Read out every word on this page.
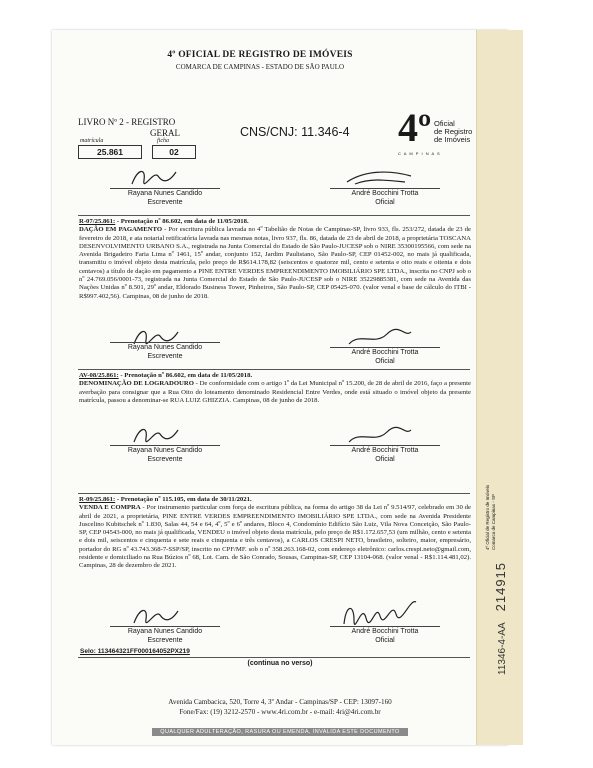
4º Oficial de Registro de Imóveis Comarca de Campinas - SP
11346-4-AA  214915
4º OFICIAL DE REGISTRO DE IMÓVEIS
COMARCA DE CAMPINAS - ESTADO DE SÃO PAULO
LIVRO Nº 2 - REGISTRO
GERAL
matrícula
25.861
ficha
02
CNS/CNJ: 11.346-4 4º Oficial
de Registro
de Imóveis
C A M P I N A S
Rayana Nunes Candido
Escrevente
André Bocchini Trotta
Oficial
R-07/25.861: - Prenotação nº 86.602, em data de 11/05/2018.
DAÇÃO EM PAGAMENTO - Por escritura pública lavrada no 4º Tabelião de Notas de Campinas-SP, livro 933, fls. 253/272, datada de 23 de fevereiro de 2018, e ata notarial retificatória lavrada nas mesmas notas, livro 937, fls. 86, datada de 23 de abril de 2018, a proprietária TOSCANA DESENVOLVIMENTO URBANO S.A., registrada na Junta Comercial do Estado de São Paulo-JUCESP sob o NIRE 35300195566, com sede na Avenida Brigadeiro Faria Lima nº 1461, 15º andar, conjunto 152, Jardim Paulistano, São Paulo-SP, CEP 01452-002, no mais já qualificada, transmitiu o imóvel objeto desta matrícula, pelo preço de R$614.178,82 (seiscentos e quatorze mil, cento e setenta e oito reais e oitenta e dois centavos) a título de dação em pagamento a PINE ENTRE VERDES EMPREENDIMENTO IMOBILIÁRIO SPE LTDA., inscrita no CNPJ sob o nº 24.769.056/0001-73, registrada na Junta Comercial do Estado de São Paulo-JUCESP sob o NIRE 35229885381, com sede na Avenida das Nações Unidas nº 8.501, 29º andar, Eldorado Business Tower, Pinheiros, São Paulo-SP, CEP 05425-070. (valor venal e base de cálculo do ITBI - R$997.402,56). Campinas, 08 de junho de 2018.
Rayana Nunes Candido
Escrevente
André Bocchini Trotta
Oficial
AV-08/25.861: - Prenotação nº 86.602, em data de 11/05/2018.
DENOMINAÇÃO DE LOGRADOURO - De conformidade com o artigo 1º da Lei Municipal nº 15.200, de 28 de abril de 2016, faço a presente averbação para consignar que a Rua Oito do loteamento denominado Residencial Entre Verdes, onde está situado o imóvel objeto da presente matrícula, passou a denominar-se RUA LUIZ GHIZZIA. Campinas, 08 de junho de 2018.
Rayana Nunes Candido
Escrevente
André Bocchini Trotta
Oficial
R-09/25.861: - Prenotação nº 115.105, em data de 30/11/2021.
VENDA E COMPRA - Por instrumento particular com força de escritura pública, na forma do artigo 38 da Lei nº 9.514/97, celebrado em 30 de abril de 2021, a proprietária, PINE ENTRE VERDES EMPREENDIMENTO IMOBILIÁRIO SPE LTDA., com sede na Avenida Presidente Juscelino Kubitschek nº 1.830, Salas 44, 54 e 64, 4º, 5º e 6º andares, Bloco 4, Condomínio Edifício São Luiz, Vila Nova Conceição, São Paulo-SP, CEP 04543-000, no mais já qualificada, VENDEU o imóvel objeto desta matrícula, pelo preço de R$1.172.657,53 (um milhão, cento e setenta e dois mil, seiscentos e cinquenta e sete reais e cinquenta e três centavos), a CARLOS CRESPI NETO, brasileiro, solteiro, maior, empresário, portador do RG nº 43.743.368-7-SSP/SP, inscrito no CPF/MF. sob o nº 358.263.168-02, com endereço eletrônico: carlos.crespi.neto@gmail.com, residente e domiciliado na Rua Búzios nº 68, Lot. Cam. de São Conrado, Sousas, Campinas-SP, CEP 13104-068. (valor venal - R$1.114.481,02). Campinas, 28 de dezembro de 2021.
Rayana Nunes Candido
Escrevente
André Bocchini Trotta
Oficial
Selo: 113464321FF000164052PX219
(continua no verso)
Avenida Cambacica, 520, Torre 4, 3º Andar - Campinas/SP - CEP: 13097-160
Fone/Fax: (19) 3212-2570 - www.4ri.com.br - e-mail: 4ri@4ri.com.br
QUALQUER ADULTERAÇÃO, RASURA OU EMENDA, INVALIDA ESTE DOCUMENTO
